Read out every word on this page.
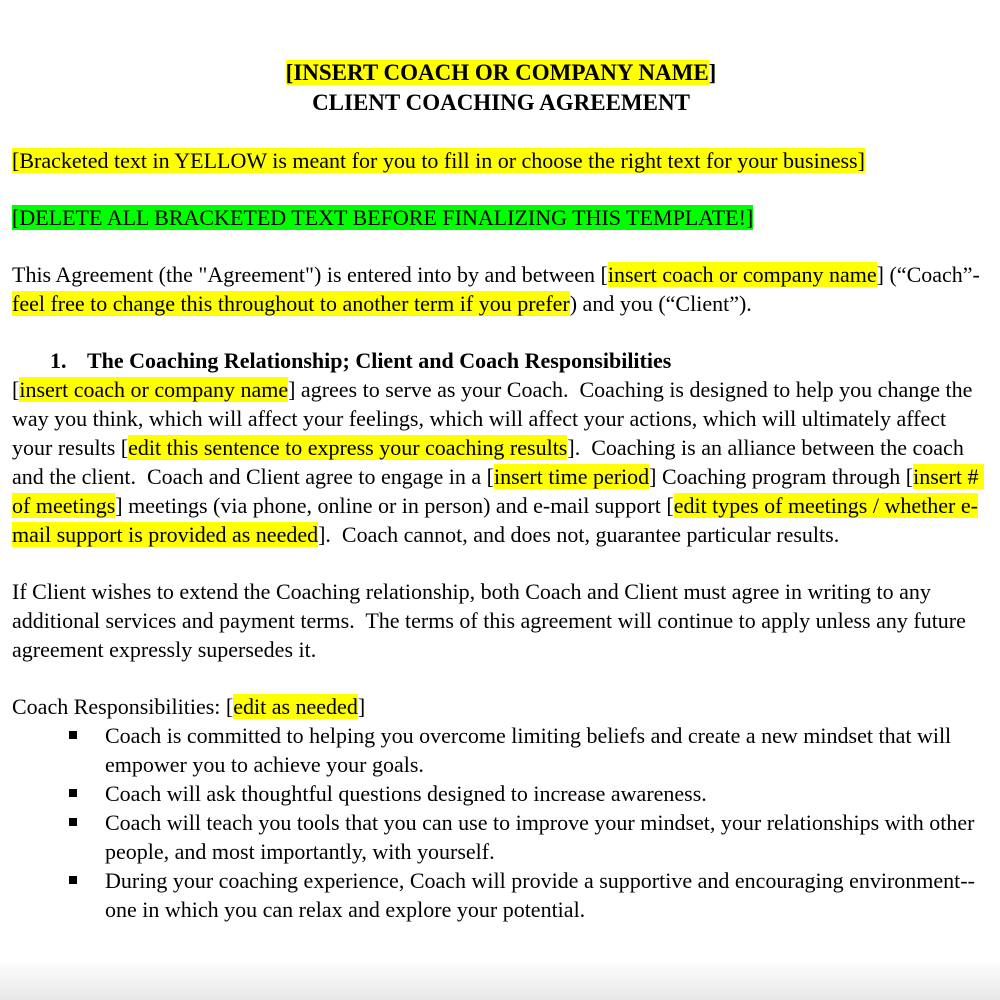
[INSERT COACH OR COMPANY NAME]
CLIENT COACHING AGREEMENT
[Bracketed text in YELLOW is meant for you to fill in or choose the right text for your business]
[DELETE ALL BRACKETED TEXT BEFORE FINALIZING THIS TEMPLATE!]
This Agreement (the "Agreement") is entered into by and between [insert coach or company name] (“Coach”- feel free to change this throughout to another term if you prefer) and you (“Client”).
1. The Coaching Relationship; Client and Coach Responsibilities
[insert coach or company name] agrees to serve as your Coach.  Coaching is designed to help you change the way you think, which will affect your feelings, which will affect your actions, which will ultimately affect your results [edit this sentence to express your coaching results].  Coaching is an alliance between the coach and the client.  Coach and Client agree to engage in a [insert time period] Coaching program through [insert # of meetings] meetings (via phone, online or in person) and e-mail support [edit types of meetings / whether e-mail support is provided as needed].  Coach cannot, and does not, guarantee particular results.
If Client wishes to extend the Coaching relationship, both Coach and Client must agree in writing to any additional services and payment terms.  The terms of this agreement will continue to apply unless any future agreement expressly supersedes it.
Coach Responsibilities: [edit as needed]
Coach is committed to helping you overcome limiting beliefs and create a new mindset that will empower you to achieve your goals.
Coach will ask thoughtful questions designed to increase awareness.
Coach will teach you tools that you can use to improve your mindset, your relationships with other people, and most importantly, with yourself.
During your coaching experience, Coach will provide a supportive and encouraging environment--one in which you can relax and explore your potential.
